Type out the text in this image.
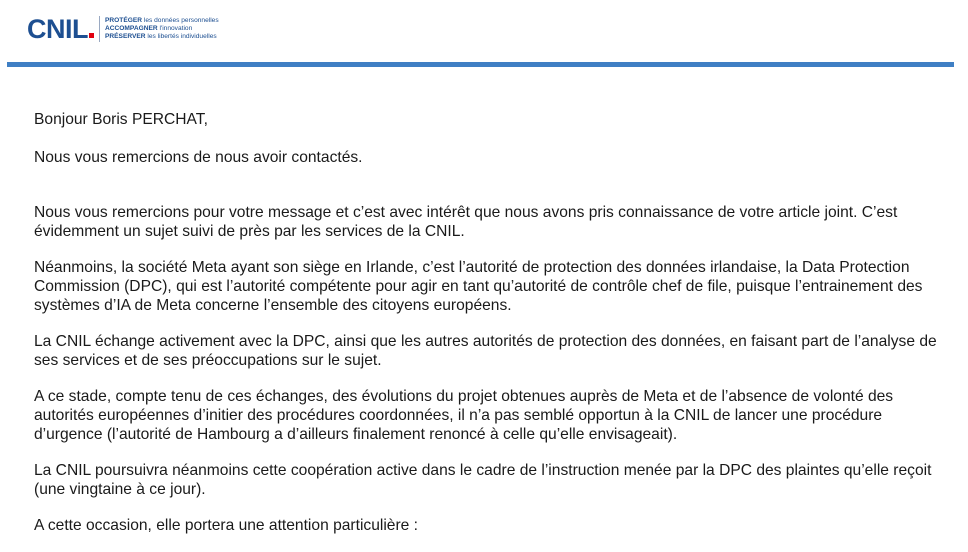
CNIL	PROTÉGER les données personnelles
ACCOMPAGNER l'innovation
PRÉSERVER les libertés individuelles

Bonjour Boris PERCHAT,

Nous vous remercions de nous avoir contactés.

Nous vous remercions pour votre message et c’est avec intérêt que nous avons pris connaissance de votre article joint. C’est évidemment un sujet suivi de près par les services de la CNIL.

Néanmoins, la société Meta ayant son siège en Irlande, c’est l’autorité de protection des données irlandaise, la Data Protection Commission (DPC), qui est l’autorité compétente pour agir en tant qu’autorité de contrôle chef de file, puisque l’entrainement des systèmes d’IA de Meta concerne l’ensemble des citoyens européens.

La CNIL échange activement avec la DPC, ainsi que les autres autorités de protection des données, en faisant part de l’analyse de ses services et de ses préoccupations sur le sujet.

A ce stade, compte tenu de ces échanges, des évolutions du projet obtenues auprès de Meta et de l’absence de volonté des autorités européennes d’initier des procédures coordonnées, il n’a pas semblé opportun à la CNIL de lancer une procédure d’urgence (l’autorité de Hambourg a d’ailleurs finalement renoncé à celle qu’elle envisageait).

La CNIL poursuivra néanmoins cette coopération active dans le cadre de l’instruction menée par la DPC des plaintes qu’elle reçoit (une vingtaine à ce jour).

A cette occasion, elle portera une attention particulière :
